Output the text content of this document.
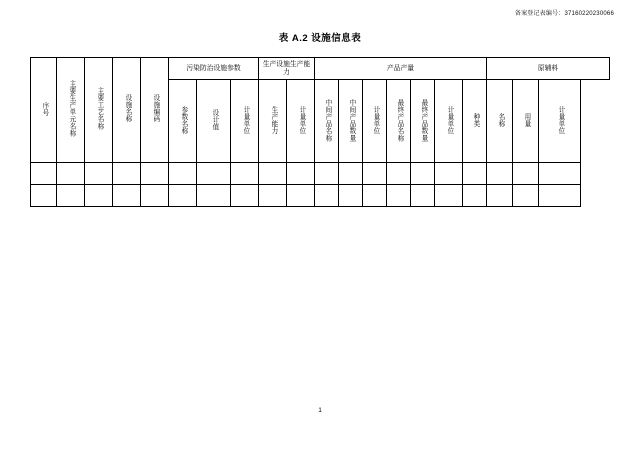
备案登记表编号：37160220230066
表 A.2 设施信息表
序号	主要生产单元名称	主要工艺名称	设施名称	设施编码	污染防治设施参数			生产设施生产能力		产品产量							原辅料		

					参数名称	设计值	计量单位	生产能力	计量单位	中间产品名称	中间产品数量	计量单位	最终产品名称	最终产品数量	计量单位	种类	名称	用量	计量单位

1
